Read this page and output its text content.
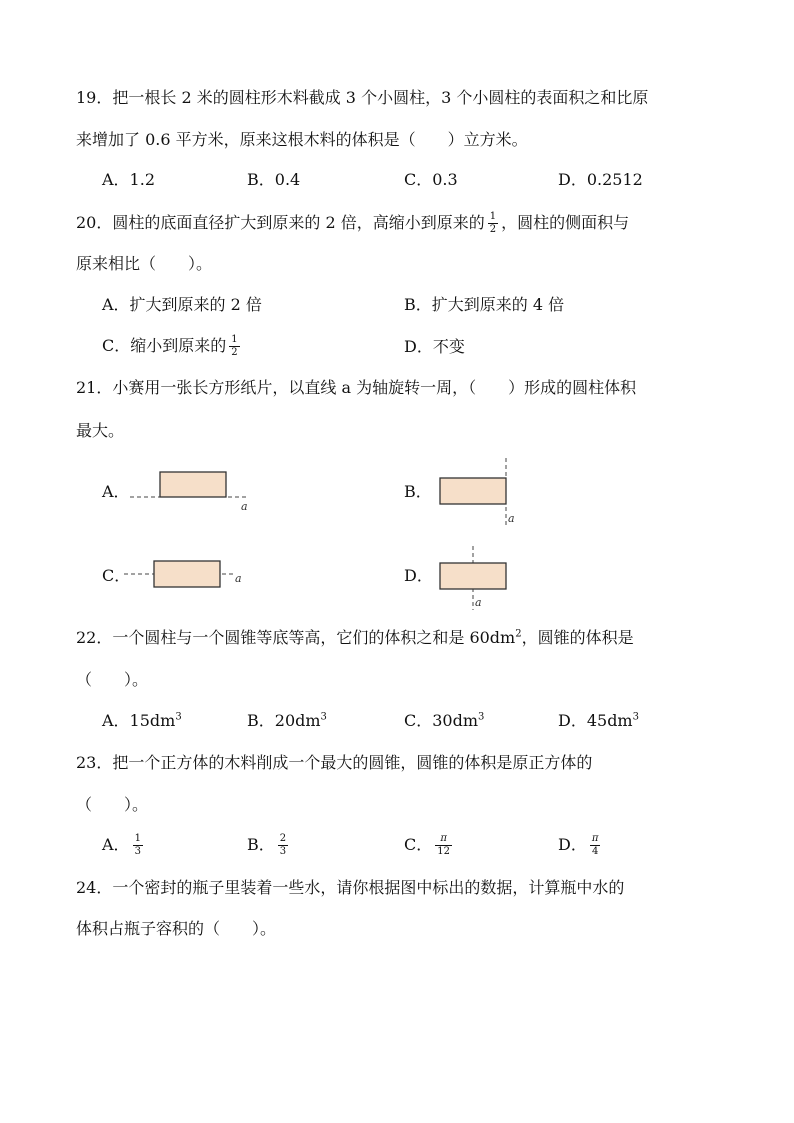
19．把一根长 2 米的圆柱形木料截成 3 个小圆柱，3 个小圆柱的表面积之和比原
来增加了 0.6 平方米，原来这根木料的体积是（　　）立方米。
A．1.2	B．0.4	C．0.3	D．0.2512
20．圆柱的底面直径扩大到原来的 2 倍，高缩小到原来的 $\frac{1}{2}$ ，圆柱的侧面积与
原来相比（　　）。
A．扩大到原来的 2 倍	B．扩大到原来的 4 倍
C．缩小到原来的 $\frac{1}{2}$	D．不变
21．小赛用一张长方形纸片，以直线 a 为轴旋转一周，（　　）形成的圆柱体积
最大。
A．
a
B．
a
C．	a	D．
a
22．一个圆柱与一个圆锥等底等高，它们的体积之和是 $60dm^2$，圆锥的体积是
（　　）。
A．$15dm^3$	B．$20dm^3$	C．$30dm^3$	D．$45dm^3$
23．把一个正方体的木料削成一个最大的圆锥，圆锥的体积是原正方体的
（　　）。
A． $\frac{1}{3}$	B． $\frac{2}{3}$	C． $\frac{\pi}{12}$	D． $\frac{\pi}{4}$
24．一个密封的瓶子里装着一些水，请你根据图中标出的数据，计算瓶中水的
体积占瓶子容积的（　　）。
